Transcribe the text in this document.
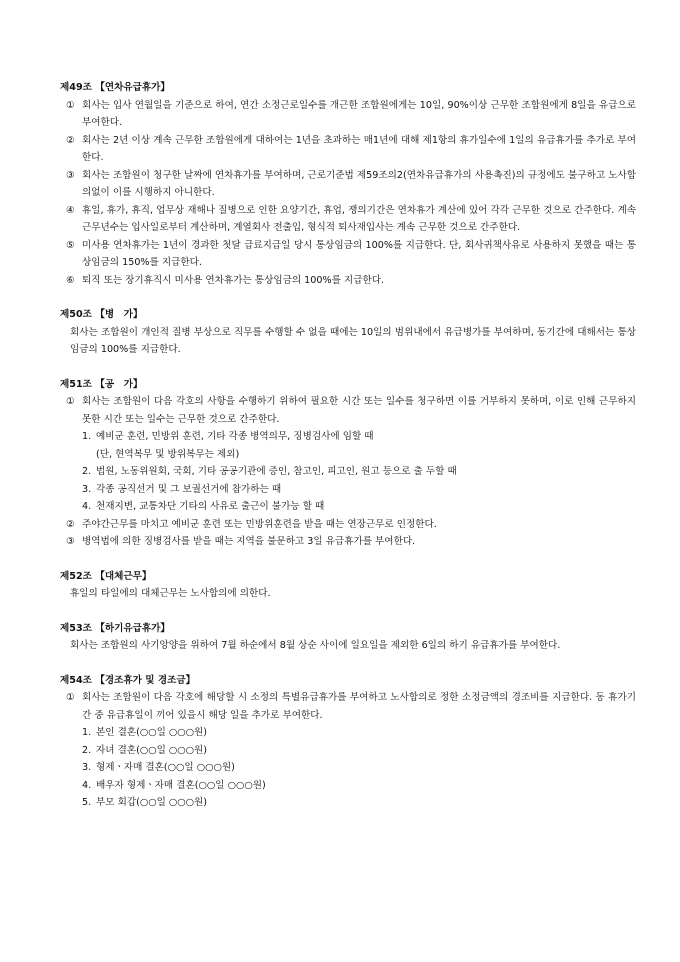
제49조 【연차유급휴가】
① 회사는 입사 연월일을 기준으로 하여, 연간 소정근로일수를 개근한 조합원에게는 10일, 90%이상 근무한 조합원에게 8일을 유급으로 부여한다.
② 회사는 2년 이상 계속 근무한 조합원에게 대하여는 1년을 초과하는 매1년에 대해 제1항의 휴가일수에 1일의 유급휴가를 추가로 부여한다.
③ 회사는 조합원이 청구한 날짜에 연차휴가를 부여하며, 근로기준법 제59조의2(연차유급휴가의 사용촉진)의 규정에도 불구하고 노사합의없이 이를 시행하지 아니한다.
④ 휴일, 휴가, 휴직, 업무상 재해나 질병으로 인한 요양기간, 휴업, 쟁의기간은 연차휴가 계산에 있어 각각 근무한 것으로 간주한다. 계속 근무년수는 입사일로부터 계산하며, 계열회사 전출입, 형식적 퇴사재입사는 계속 근무한 것으로 간주한다.
⑤ 미사용 연차휴가는 1년이 경과한 첫달 급료지급일 당시 통상임금의 100%를 지급한다. 단, 회사귀책사유로 사용하지 못했을 때는 통상임금의 150%를 지급한다.
⑥ 퇴직 또는 장기휴직시 미사용 연차휴가는 통상임금의 100%를 지급한다.
제50조 【병　가】
회사는 조합원이 개인적 질병 부상으로 직무를 수행할 수 없을 때에는 10일의 범위내에서 유급병가를 부여하며, 동기간에 대해서는 통상임금의 100%를 지급한다.
제51조 【공　가】
① 회사는 조합원이 다음 각호의 사항을 수행하기 위하여 필요한 시간 또는 일수를 청구하면 이를 거부하지 못하며, 이로 인해 근무하지 못한 시간 또는 일수는 근무한 것으로 간주한다.
1. 예비군 훈련, 민방위 훈련, 기타 각종 병역의무, 징병검사에 임할 때
(단, 현역복무 및 방위복무는 제외)
2. 법원, 노동위원회, 국회, 기타 공공기관에 증인, 참고인, 피고인, 원고 등으로 출 두할 때
3. 각종 공직선거 및 그 보궐선거에 참가하는 때
4. 천재지변, 교통차단 기타의 사유로 출근이 불가능 할 때
② 주야간근무를 마치고 예비군 훈련 또는 민방위훈련을 받을 때는 연장근무로 인정한다.
③ 병역법에 의한 징병검사를 받을 때는 지역을 불문하고 3일 유급휴가를 부여한다.
제52조 【대체근무】
휴일의 타일에의 대체근무는 노사합의에 의한다.
제53조 【하기유급휴가】
회사는 조합원의 사기앙양을 위하여 7월 하순에서 8월 상순 사이에 일요일을 제외한 6일의 하기 유급휴가를 부여한다.
제54조 【경조휴가 및 경조금】
① 회사는 조합원이 다음 각호에 해당할 시 소정의 특별유급휴가를 부여하고 노사합의로 정한 소정금액의 경조비를 지급한다. 동 휴가기간 중 유급휴일이 끼어 있을시 해당 일을 추가로 부여한다.
1. 본인 결혼(○○일 ○○○원)
2. 자녀 결혼(○○일 ○○○원)
3. 형제ㆍ자매 결혼(○○일 ○○○원)
4. 배우자 형제ㆍ자매 결혼(○○일 ○○○원)
5. 부모 회갑(○○일 ○○○원)
